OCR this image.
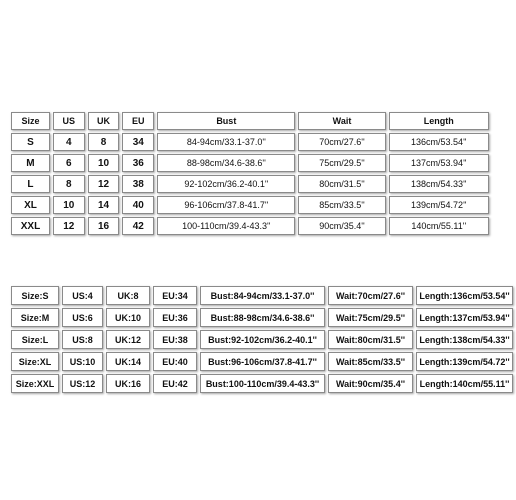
Size	US	UK	EU	Bust	Wait	Length
S	4	8	34	84-94cm/33.1-37.0''	70cm/27.6''	136cm/53.54''
M	6	10	36	88-98cm/34.6-38.6''	75cm/29.5''	137cm/53.94''
L	8	12	38	92-102cm/36.2-40.1''	80cm/31.5''	138cm/54.33''
XL	10	14	40	96-106cm/37.8-41.7''	85cm/33.5''	139cm/54.72''
XXL	12	16	42	100-110cm/39.4-43.3''	90cm/35.4''	140cm/55.11''
Size:S	US:4	UK:8	EU:34	Bust:84-94cm/33.1-37.0''	Wait:70cm/27.6''	Length:136cm/53.54''
Size:M	US:6	UK:10	EU:36	Bust:88-98cm/34.6-38.6''	Wait:75cm/29.5''	Length:137cm/53.94''
Size:L	US:8	UK:12	EU:38	Bust:92-102cm/36.2-40.1''	Wait:80cm/31.5''	Length:138cm/54.33''
Size:XL	US:10	UK:14	EU:40	Bust:96-106cm/37.8-41.7''	Wait:85cm/33.5''	Length:139cm/54.72''
Size:XXL	US:12	UK:16	EU:42	Bust:100-110cm/39.4-43.3''	Wait:90cm/35.4''	Length:140cm/55.11''
